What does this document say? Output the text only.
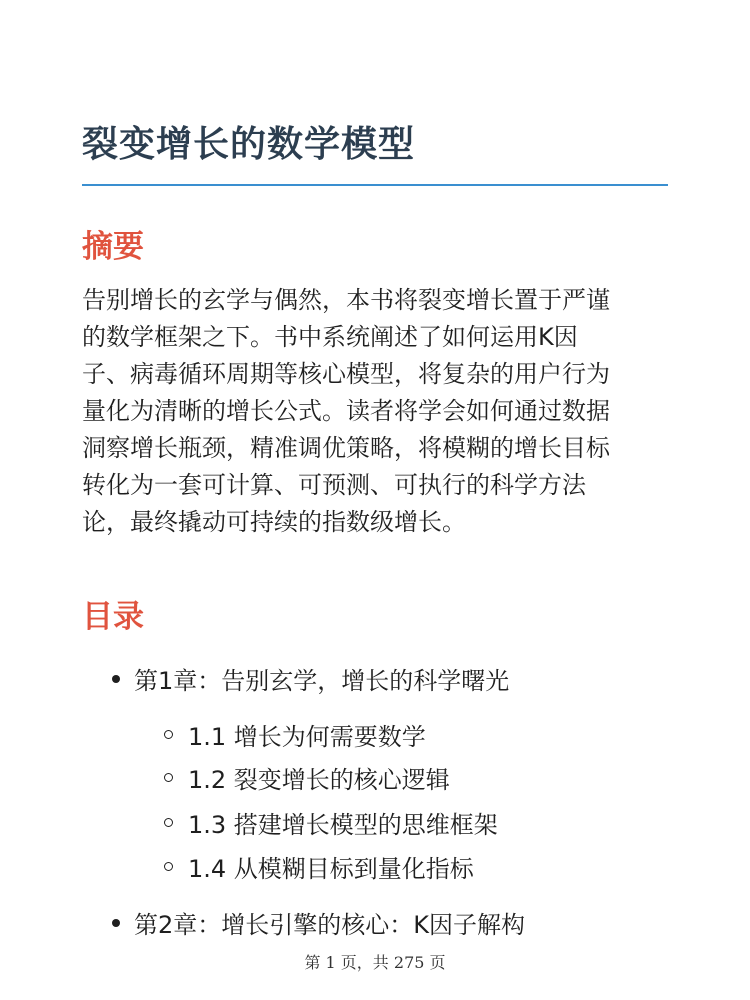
裂变增长的数学模型
摘要

告别增长的玄学与偶然，本书将裂变增长置于严谨
的数学框架之下。书中系统阐述了如何运用K因
子、病毒循环周期等核心模型，将复杂的用户行为
量化为清晰的增长公式。读者将学会如何通过数据
洞察增长瓶颈，精准调优策略，将模糊的增长目标
转化为一套可计算、可预测、可执行的科学方法
论，最终撬动可持续的指数级增长。

目录
第1章：告别玄学，增长的科学曙光
1.1 增长为何需要数学
1.2 裂变增长的核心逻辑
1.3 搭建增长模型的思维框架
1.4 从模糊目标到量化指标
第2章：增长引擎的核心：K因子解构
第 1 页，共 275 页
